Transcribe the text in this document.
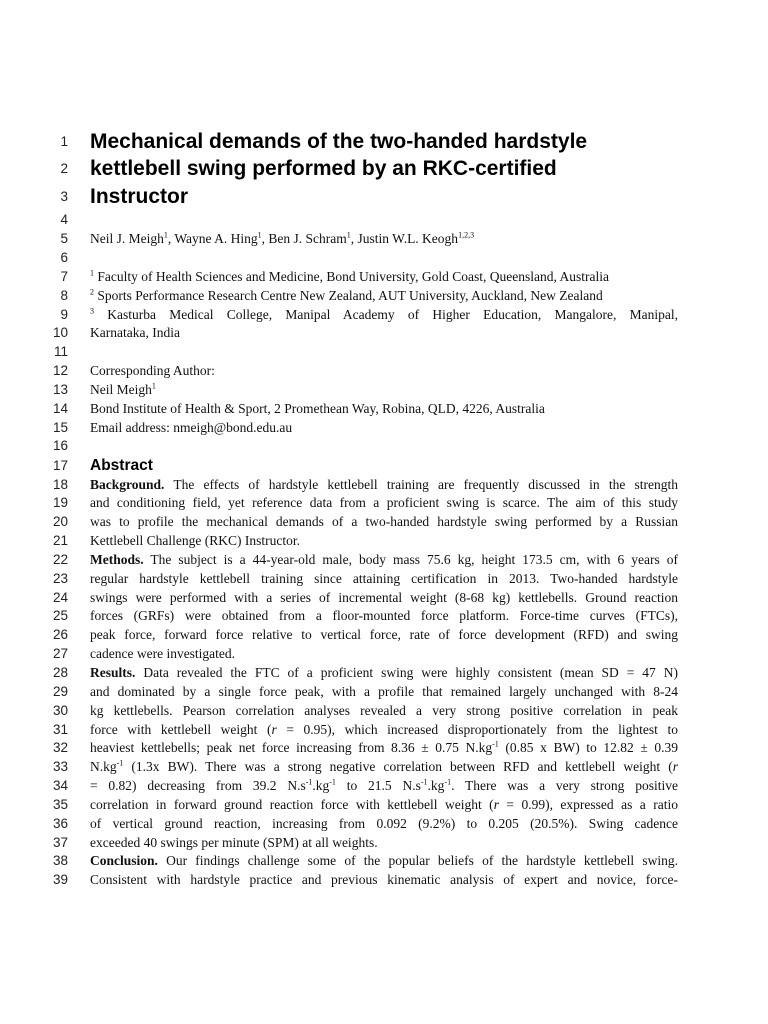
1
2
3
4
5
6
7
8
9
10
11
12
13
14
15
16
17
18
19
20
21
22
23
24
25
26
27
28
29
30
31
32
33
34
35
36
37
38
39
Mechanical demands of the two-handed hardstyle
kettlebell swing performed by an RKC-certified
Instructor
Neil J. Meigh$^1$, Wayne A. Hing$^1$, Ben J. Schram$^1$, Justin W.L. Keogh$^{1,2,3}$
$^1$ Faculty of Health Sciences and Medicine, Bond University, Gold Coast, Queensland, Australia
$^2$ Sports Performance Research Centre New Zealand, AUT University, Auckland, New Zealand
$^3$ Kasturba Medical College, Manipal Academy of Higher Education, Mangalore, Manipal,
Karnataka, India
Corresponding Author:
Neil Meigh$^1$
Bond Institute of Health & Sport, 2 Promethean Way, Robina, QLD, 4226, Australia
Email address: nmeigh@bond.edu.au
Abstract
Background. The effects of hardstyle kettlebell training are frequently discussed in the strength
and conditioning field, yet reference data from a proficient swing is scarce. The aim of this study
was to profile the mechanical demands of a two-handed hardstyle swing performed by a Russian
Kettlebell Challenge (RKC) Instructor.
Methods. The subject is a 44-year-old male, body mass 75.6 kg, height 173.5 cm, with 6 years of
regular hardstyle kettlebell training since attaining certification in 2013. Two-handed hardstyle
swings were performed with a series of incremental weight (8-68 kg) kettlebells. Ground reaction
forces (GRFs) were obtained from a floor-mounted force platform. Force-time curves (FTCs),
peak force, forward force relative to vertical force, rate of force development (RFD) and swing
cadence were investigated.
Results. Data revealed the FTC of a proficient swing were highly consistent (mean SD = 47 N)
and dominated by a single force peak, with a profile that remained largely unchanged with 8-24
kg kettlebells. Pearson correlation analyses revealed a very strong positive correlation in peak
force with kettlebell weight (r = 0.95), which increased disproportionately from the lightest to
heaviest kettlebells; peak net force increasing from 8.36 ± 0.75 $N.kg^{-1}$ (0.85 x BW) to 12.82 ± 0.39
$N.kg^{-1}$ (1.3x BW). There was a strong negative correlation between RFD and kettlebell weight (r
= 0.82) decreasing from 39.2 $N.s^{-1}.kg^{-1}$ to 21.5 $N.s^{-1}.kg^{-1}$. There was a very strong positive
correlation in forward ground reaction force with kettlebell weight (r = 0.99), expressed as a ratio
of vertical ground reaction, increasing from 0.092 (9.2%) to 0.205 (20.5%). Swing cadence
exceeded 40 swings per minute (SPM) at all weights.
Conclusion. Our findings challenge some of the popular beliefs of the hardstyle kettlebell swing.
Consistent with hardstyle practice and previous kinematic analysis of expert and novice, force-
